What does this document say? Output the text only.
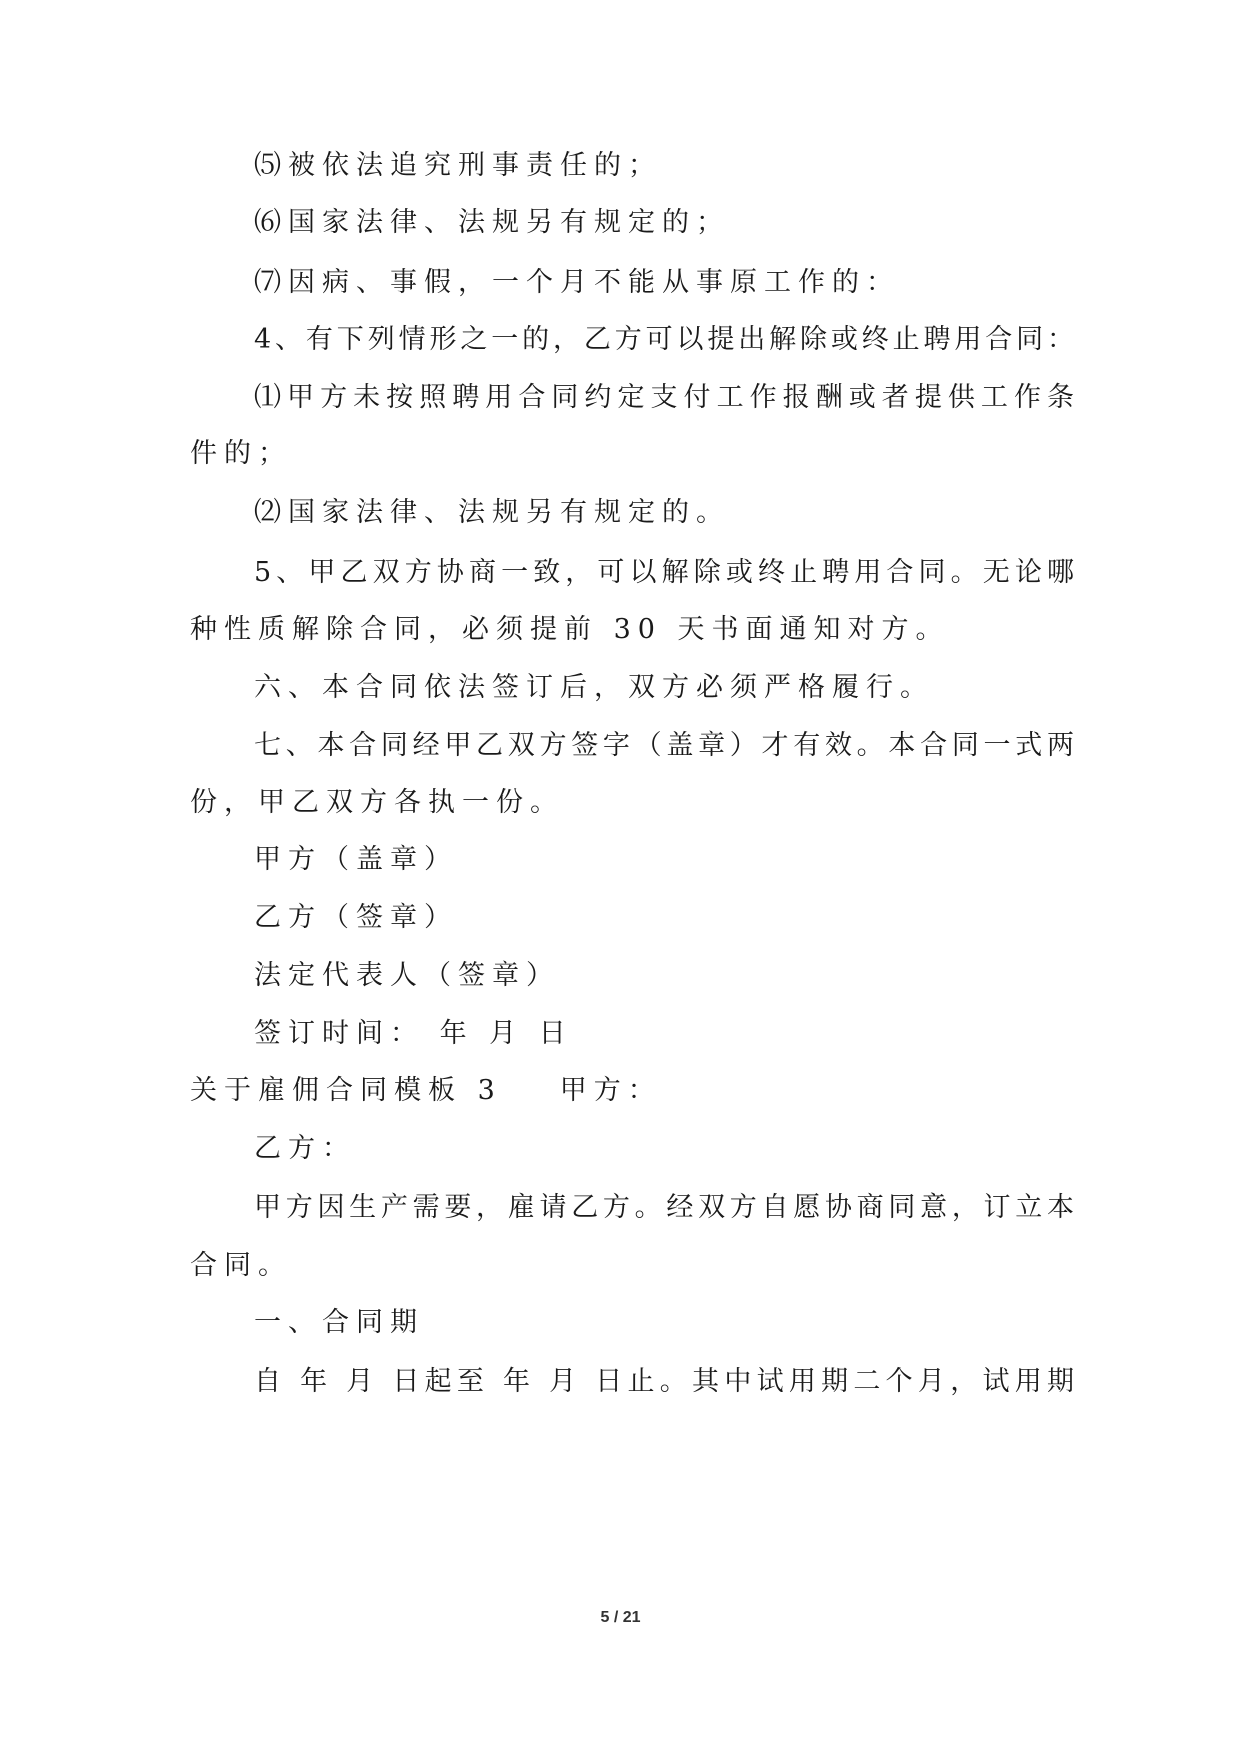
⑸被依法追究刑事责任的；

⑹国家法律、法规另有规定的；

⑺因病、事假，一个月不能从事原工作的：

4、有下列情形之一的，乙方可以提出解除或终止聘用合同：

⑴甲方未按照聘用合同约定支付工作报酬或者提供工作条

件的；

⑵国家法律、法规另有规定的。

5、甲乙双方协商一致，可以解除或终止聘用合同。无论哪

种性质解除合同，必须提前 30 天书面通知对方。

六、本合同依法签订后，双方必须严格履行。

七、本合同经甲乙双方签字（盖章）才有效。本合同一式两

份，甲乙双方各执一份。

甲方（盖章）

乙方（签章）

法定代表人（签章）

签订时间： 年 月 日

关于雇佣合同模板 3 甲方：

乙方：

甲方因生产需要，雇请乙方。经双方自愿协商同意，订立本

合同。

一、合同期

自 年 月 日起至 年 月 日止。其中试用期二个月，试用期

5 / 21
